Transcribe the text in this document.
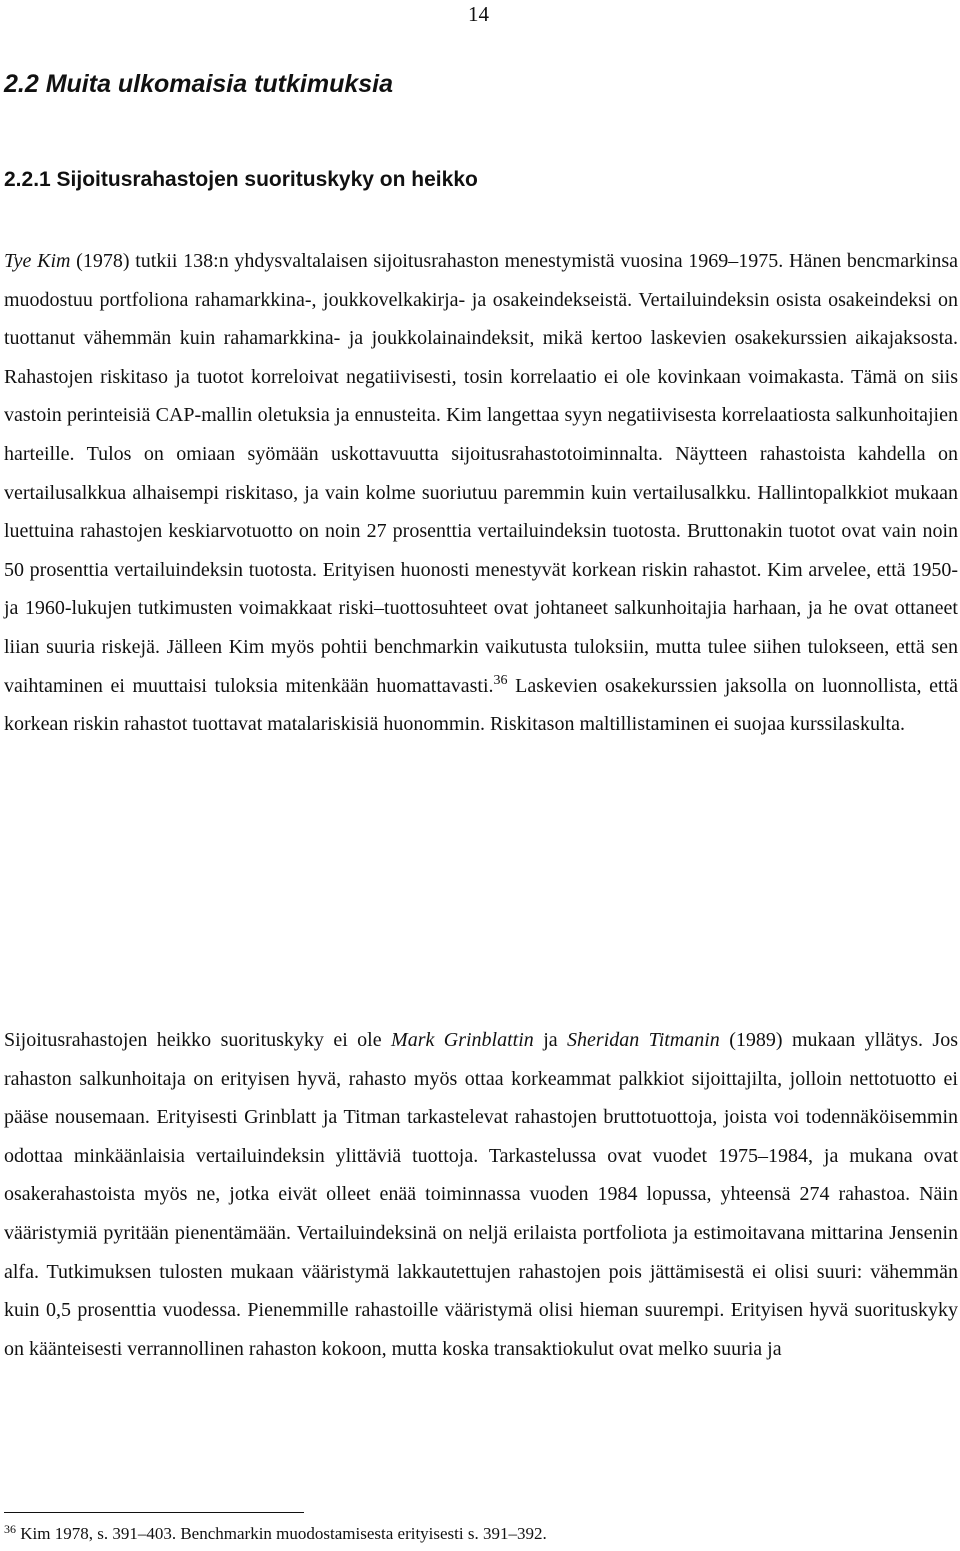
14
2.2 Muita ulkomaisia tutkimuksia
2.2.1 Sijoitusrahastojen suorituskyky on heikko
Tye Kim (1978) tutkii 138:n yhdysvaltalaisen sijoitusrahaston menestymistä vuosina 1969–1975. Hänen bencmarkinsa muodostuu portfoliona rahamarkkina-, joukkovelkakirja- ja osakeindekseistä. Vertailuindeksin osista osakeindeksi on tuottanut vähemmän kuin rahamarkkina- ja joukkolainaindeksit, mikä kertoo laskevien osakekurssien aikajaksosta. Rahastojen riskitaso ja tuotot korreloivat negatiivisesti, tosin korrelaatio ei ole kovinkaan voimakasta. Tämä on siis vastoin perinteisiä CAP-mallin oletuksia ja ennusteita. Kim langettaa syyn negatiivisesta korrelaatiosta salkunhoitajien harteille. Tulos on omiaan syömään uskottavuutta sijoitusrahastotoiminnalta. Näytteen rahastoista kahdella on vertailusalkkua alhaisempi riskitaso, ja vain kolme suoriutuu paremmin kuin vertailusalkku. Hallintopalkkiot mukaan luettuina rahastojen keskiarvotuotto on noin 27 prosenttia vertailuindeksin tuotosta. Bruttonakin tuotot ovat vain noin 50 prosenttia vertailuindeksin tuotosta. Erityisen huonosti menestyvät korkean riskin rahastot. Kim arvelee, että 1950- ja 1960-lukujen tutkimusten voimakkaat riski–tuottosuhteet ovat johtaneet salkunhoitajia harhaan, ja he ovat ottaneet liian suuria riskejä. Jälleen Kim myös pohtii benchmarkin vaikutusta tuloksiin, mutta tulee siihen tulokseen, että sen vaihtaminen ei muuttaisi tuloksia mitenkään huomattavasti.$^{36}$ Laskevien osakekurssien jaksolla on luonnollista, että korkean riskin rahastot tuottavat matalariskisiä huonommin. Riskitason maltillistaminen ei suojaa kurssilaskulta.
Sijoitusrahastojen heikko suorituskyky ei ole Mark Grinblattin ja Sheridan Titmanin (1989) mukaan yllätys. Jos rahaston salkunhoitaja on erityisen hyvä, rahasto myös ottaa korkeammat palkkiot sijoittajilta, jolloin nettotuotto ei pääse nousemaan. Erityisesti Grinblatt ja Titman tarkastelevat rahastojen bruttotuottoja, joista voi todennäköisemmin odottaa minkäänlaisia vertailuindeksin ylittäviä tuottoja. Tarkastelussa ovat vuodet 1975–1984, ja mukana ovat osakerahastoista myös ne, jotka eivät olleet enää toiminnassa vuoden 1984 lopussa, yhteensä 274 rahastoa. Näin vääristymiä pyritään pienentämään. Vertailuindeksinä on neljä erilaista portfoliota ja estimoitavana mittarina Jensenin alfa. Tutkimuksen tulosten mukaan vääristymä lakkautettujen rahastojen pois jättämisestä ei olisi suuri: vähemmän kuin 0,5 prosenttia vuodessa. Pienemmille rahastoille vääristymä olisi hieman suurempi. Erityisen hyvä suorituskyky on käänteisesti verrannollinen rahaston kokoon, mutta koska transaktiokulut ovat melko suuria ja
$^{36}$ Kim 1978, s. 391–403. Benchmarkin muodostamisesta erityisesti s. 391–392.
